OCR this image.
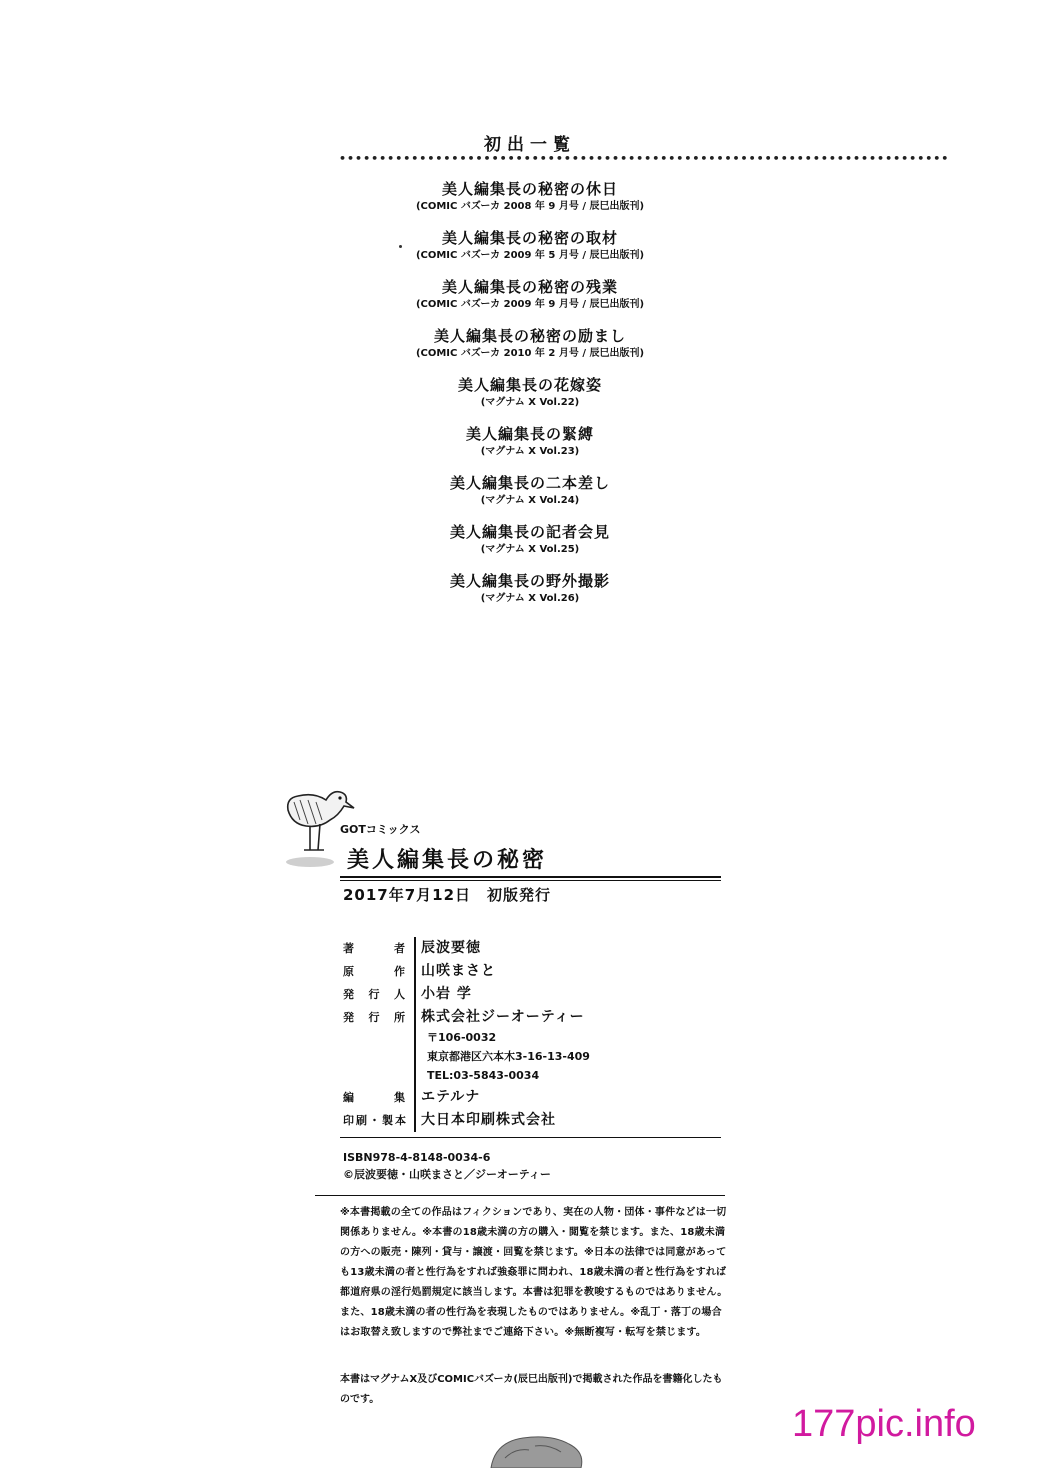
初出一覧
••••••••••••••••••••••••••••••••••••••••••••••••••••••••••••••••••••••••••••
美人編集長の秘密の休日
(COMIC バズーカ 2008 年 9 月号 / 辰巳出版刊)
美人編集長の秘密の取材
(COMIC バズーカ 2009 年 5 月号 / 辰巳出版刊)
美人編集長の秘密の残業
(COMIC バズーカ 2009 年 9 月号 / 辰巳出版刊)
美人編集長の秘密の励まし
(COMIC バズーカ 2010 年 2 月号 / 辰巳出版刊)
美人編集長の花嫁姿
(マグナム X Vol.22)
美人編集長の緊縛
(マグナム X Vol.23)
美人編集長の二本差し
(マグナム X Vol.24)
美人編集長の記者会見
(マグナム X Vol.25)
美人編集長の野外撮影
(マグナム X Vol.26)
GOTコミックス
美人編集長の秘密
2017年7月12日　初版発行
著者 辰波要徳
原作 山咲まさと
発行人 小岩 学
発行所 株式会社ジーオーティー
〒106-0032
東京都港区六本木3-16-13-409
TEL:03-5843-0034
編集 エテルナ
印刷・製本 大日本印刷株式会社
ISBN978-4-8148-0034-6
©辰波要徳・山咲まさと／ジーオーティー
※本書掲載の全ての作品はフィクションであり、実在の人物・団体・事件などは一切関係ありません。※本書の18歳未満の方の購入・閲覧を禁じます。また、18歳未満の方への販売・陳列・貸与・譲渡・回覧を禁じます。※日本の法律では同意があっても13歳未満の者と性行為をすれば強姦罪に問われ、18歳未満の者と性行為をすれば都道府県の淫行処罰規定に該当します。本書は犯罪を教唆するものではありません。また、18歳未満の者の性行為を表現したものではありません。※乱丁・落丁の場合はお取替え致しますので弊社までご連絡下さい。※無断複写・転写を禁じます。
本書はマグナムX及びCOMICバズーカ(辰巳出版刊)で掲載された作品を書籍化したものです。
177pic.info
